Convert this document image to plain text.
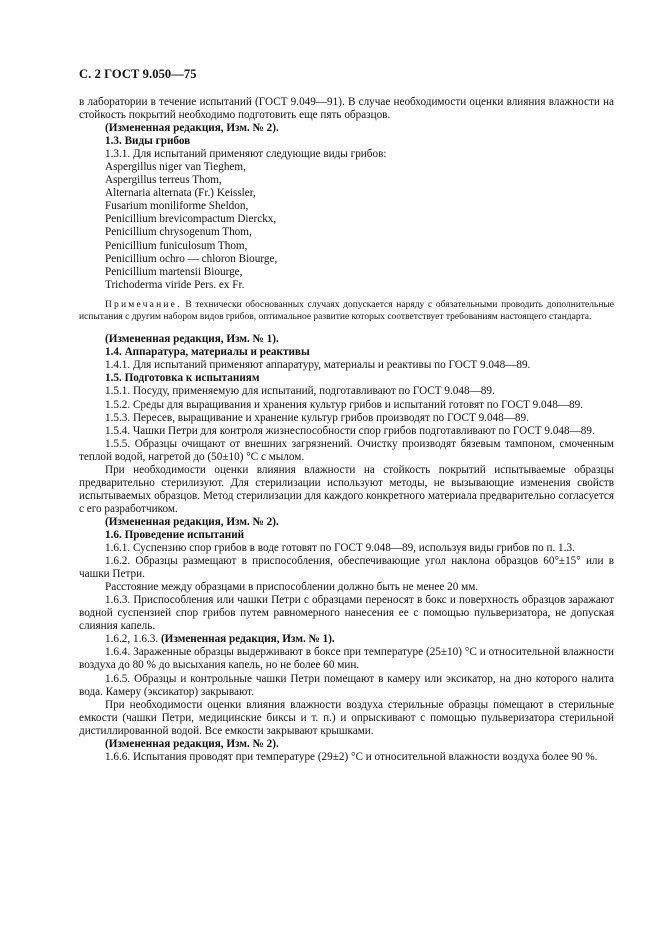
С. 2 ГОСТ 9.050—75

в лаборатории в течение испытаний (ГОСТ 9.049—91). В случае необходимости оценки влияния влажности на стойкость покрытий необходимо подготовить еще пять образцов.

(Измененная редакция, Изм. № 2).

1.3. Виды грибов

1.3.1. Для испытаний применяют следующие виды грибов:

Aspergillus niger van Tieghem,
Aspergillus terreus Thom,
Alternaria alternata (Fr.) Keissler,
Fusarium moniliforme Sheldon,
Penicillium brevicompactum Dierckx,
Penicillium chrysogenum Thom,
Penicillium funiculosum Thom,
Penicillium ochro — chloron Biourge,
Penicillium martensii Biourge,
Trichoderma viride Pers. ex Fr.

Примечание. В технически обоснованных случаях допускается наряду с обязательными проводить дополнительные испытания с другим набором видов грибов, оптимальное развитие которых соответствует требованиям настоящего стандарта.

(Измененная редакция, Изм. № 1).

1.4. Аппаратура, материалы и реактивы

1.4.1. Для испытаний применяют аппаратуру, материалы и реактивы по ГОСТ 9.048—89.

1.5. Подготовка к испытаниям

1.5.1. Посуду, применяемую для испытаний, подготавливают по ГОСТ 9.048—89.

1.5.2. Среды для выращивания и хранения культур грибов и испытаний готовят по ГОСТ 9.048—89.

1.5.3. Пересев, выращивание и хранение культур грибов производят по ГОСТ 9.048—89.

1.5.4. Чашки Петри для контроля жизнеспособности спор грибов подготавливают по ГОСТ 9.048—89.

1.5.5. Образцы очищают от внешних загрязнений. Очистку производят бязевым тампоном, смоченным теплой водой, нагретой до (50±10) °С с мылом.

При необходимости оценки влияния влажности на стойкость покрытий испытываемые образцы предварительно стерилизуют. Для стерилизации используют методы, не вызывающие изменения свойств испытываемых образцов. Метод стерилизации для каждого конкретного материала предварительно согласуется с его разработчиком.

(Измененная редакция, Изм. № 2).

1.6. Проведение испытаний

1.6.1. Суспензию спор грибов в воде готовят по ГОСТ 9.048—89, используя виды грибов по п. 1.3.

1.6.2. Образцы размещают в приспособления, обеспечивающие угол наклона образцов 60°±15° или в чашки Петри.

Расстояние между образцами в приспособлении должно быть не менее 20 мм.

1.6.3. Приспособления или чашки Петри с образцами переносят в бокс и поверхность образцов заражают водной суспензией спор грибов путем равномерного нанесения ее с помощью пульверизатора, не допуская слияния капель.

1.6.2, 1.6.3. (Измененная редакция, Изм. № 1).

1.6.4. Зараженные образцы выдерживают в боксе при температуре (25±10) °С и относительной влажности воздуха до 80 % до высыхания капель, но не более 60 мин.

1.6.5. Образцы и контрольные чашки Петри помещают в камеру или эксикатор, на дно которого налита вода. Камеру (эксикатор) закрывают.

При необходимости оценки влияния влажности воздуха стерильные образцы помещают в стерильные емкости (чашки Петри, медицинские биксы и т. п.) и опрыскивают с помощью пульверизатора стерильной дистиллированной водой. Все емкости закрывают крышками.

(Измененная редакция, Изм. № 2).

1.6.6. Испытания проводят при температуре (29±2) °С и относительной влажности воздуха более 90 %.
